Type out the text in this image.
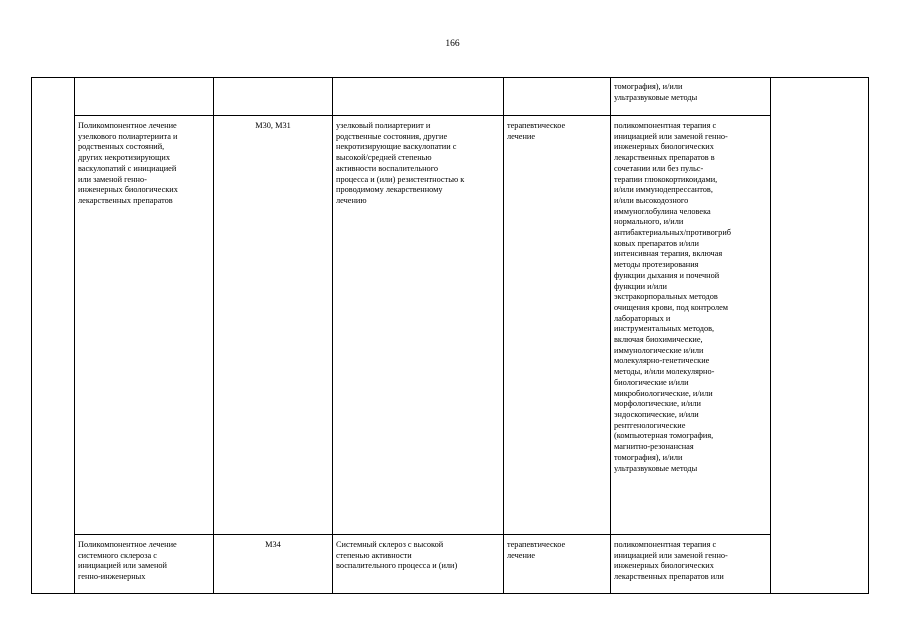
166
томография), и/или
ультразвуковые методы
Поликомпонентное лечение
узелкового полиартериита и
родственных состояний,
других некротизирующих
васкулопатий с инициацией
или заменой генно-
инженерных биологических
лекарственных препаратов
M30, M31	узелковый полиартериит и
родственные состояния, другие
некротизирующие васкулопатии с
высокой/средней степенью
активности воспалительного
процесса и (или) резистентностью к
проводимому лекарственному
лечению
терапевтическое
лечение
поликомпонентная терапия с
инициацией или заменой генно-
инженерных биологических
лекарственных препаратов в
сочетании или без пульс-
терапии глюкокортикоидами,
и/или иммунодепрессантов,
и/или высокодозного
иммуноглобулина человека
нормального, и/или
антибактериальных/противогриб
ковых препаратов и/или
интенсивная терапия, включая
методы протезирования
функции дыхания и почечной
функции и/или
экстракорпоральных методов
очищения крови, под контролем
лабораторных и
инструментальных методов,
включая биохимические,
иммунологические и/или
молекулярно-генетические
методы, и/или молекулярно-
биологические и/или
микробиологические, и/или
морфологические, и/или
эндоскопические, и/или
рентгенологические
(компьютерная томография,
магнитно-резонансная
томография), и/или
ультразвуковые методы
Поликомпонентное лечение
системного склероза с
инициацией или заменой
генно-инженерных
M34	Системный склероз с высокой
степенью активности
воспалительного процесса и (или)
терапевтическое
лечение
поликомпонентная терапия с
инициацией или заменой генно-
инженерных биологических
лекарственных препаратов или
